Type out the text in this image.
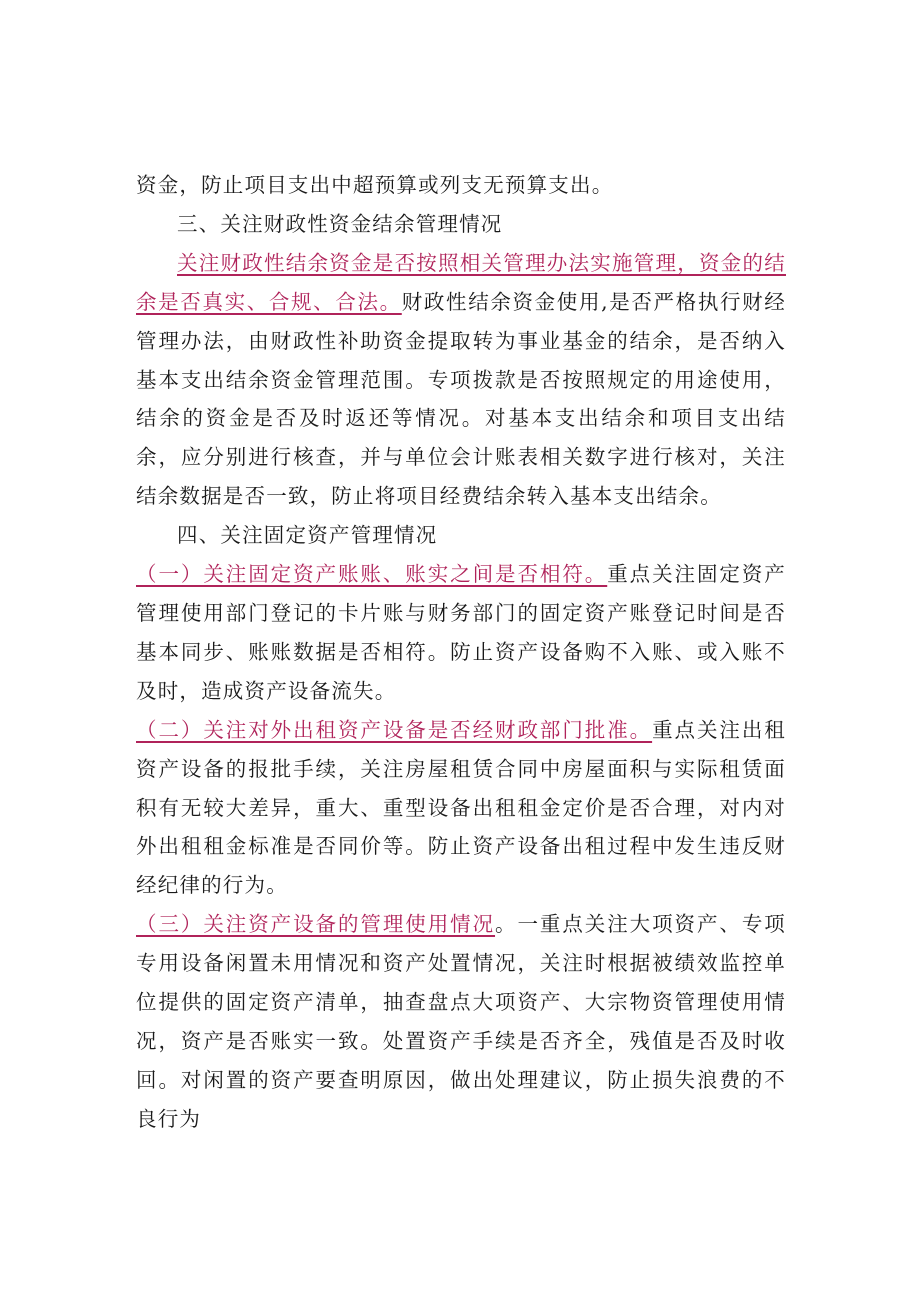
资金，防止项目支出中超预算或列支无预算支出。

三、关注财政性资金结余管理情况

关注财政性结余资金是否按照相关管理办法实施管理，资金的结余是否真实、合规、合法。财政性结余资金使用,是否严格执行财经管理办法，由财政性补助资金提取转为事业基金的结余，是否纳入基本支出结余资金管理范围。专项拨款是否按照规定的用途使用，结余的资金是否及时返还等情况。对基本支出结余和项目支出结余，应分别进行核查，并与单位会计账表相关数字进行核对，关注结余数据是否一致，防止将项目经费结余转入基本支出结余。

四、关注固定资产管理情况

（一）关注固定资产账账、账实之间是否相符。重点关注固定资产管理使用部门登记的卡片账与财务部门的固定资产账登记时间是否基本同步、账账数据是否相符。防止资产设备购不入账、或入账不及时，造成资产设备流失。

（二）关注对外出租资产设备是否经财政部门批准。重点关注出租资产设备的报批手续，关注房屋租赁合同中房屋面积与实际租赁面积有无较大差异，重大、重型设备出租租金定价是否合理，对内对外出租租金标准是否同价等。防止资产设备出租过程中发生违反财经纪律的行为。

（三）关注资产设备的管理使用情况。一重点关注大项资产、专项专用设备闲置未用情况和资产处置情况，关注时根据被绩效监控单位提供的固定资产清单，抽查盘点大项资产、大宗物资管理使用情况，资产是否账实一致。处置资产手续是否齐全，残值是否及时收回。对闲置的资产要查明原因，做出处理建议，防止损失浪费的不良行为
